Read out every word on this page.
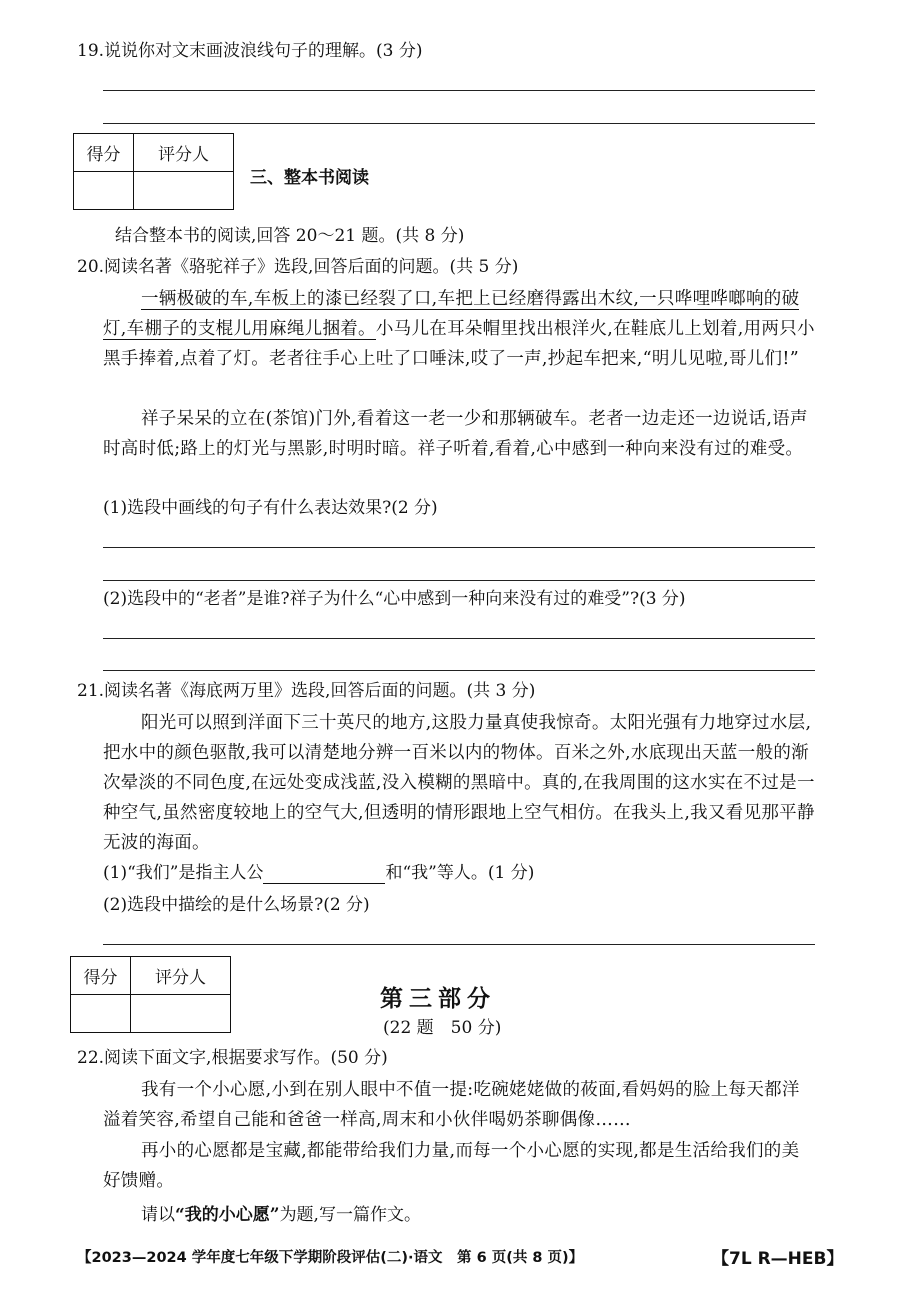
19.说说你对文末画波浪线句子的理解。(3 分)
得分	评分人

三、整本书阅读
结合整本书的阅读,回答 20～21 题。(共 8 分)
20.阅读名著《骆驼祥子》选段,回答后面的问题。(共 5 分)
一辆极破的车,车板上的漆已经裂了口,车把上已经磨得露出木纹,一只哗哩哗啷响的破灯,车棚子的支棍儿用麻绳儿捆着。小马儿在耳朵帽里找出根洋火,在鞋底儿上划着,用两只小黑手捧着,点着了灯。老者往手心上吐了口唾沫,哎了一声,抄起车把来,“明儿见啦,哥儿们!”
祥子呆呆的立在(茶馆)门外,看着这一老一少和那辆破车。老者一边走还一边说话,语声时高时低;路上的灯光与黑影,时明时暗。祥子听着,看着,心中感到一种向来没有过的难受。
(1)选段中画线的句子有什么表达效果?(2 分)
(2)选段中的“老者”是谁?祥子为什么“心中感到一种向来没有过的难受”?(3 分)
21.阅读名著《海底两万里》选段,回答后面的问题。(共 3 分)
阳光可以照到洋面下三十英尺的地方,这股力量真使我惊奇。太阳光强有力地穿过水层,把水中的颜色驱散,我可以清楚地分辨一百米以内的物体。百米之外,水底现出天蓝一般的渐次晕淡的不同色度,在远处变成浅蓝,没入模糊的黑暗中。真的,在我周围的这水实在不过是一种空气,虽然密度较地上的空气大,但透明的情形跟地上空气相仿。在我头上,我又看见那平静无波的海面。
(1)“我们”是指主人公	和“我”等人。(1 分)
(2)选段中描绘的是什么场景?(2 分)
得分	评分人

第三部分
(22 题　50 分)
22.阅读下面文字,根据要求写作。(50 分)
我有一个小心愿,小到在别人眼中不值一提:吃碗姥姥做的莜面,看妈妈的脸上每天都洋溢着笑容,希望自己能和爸爸一样高,周末和小伙伴喝奶茶聊偶像……
再小的心愿都是宝藏,都能带给我们力量,而每一个小心愿的实现,都是生活给我们的美好馈赠。
请以“我的小心愿”为题,写一篇作文。
【2023—2024 学年度七年级下学期阶段评估(二)·语文　第 6 页(共 8 页)】	【7L R—HEB】
